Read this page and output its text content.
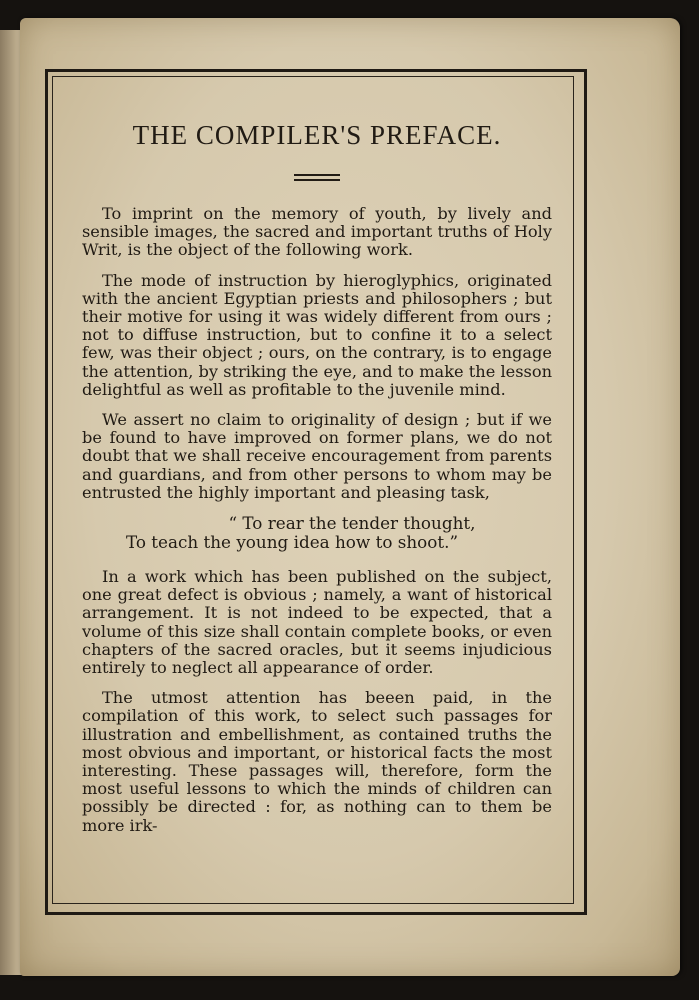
THE COMPILER'S PREFACE.

To imprint on the memory of youth, by lively and sensible images, the sacred and important truths of Holy Writ, is the object of the following work.

The mode of instruction by hieroglyphics, originated with the ancient Egyptian priests and philosophers ; but their motive for using it was widely different from ours ; not to diffuse instruction, but to confine it to a select few, was their object ; ours, on the contrary, is to engage the attention, by striking the eye, and to make the lesson delightful as well as profitable to the juvenile mind.

We assert no claim to originality of design ; but if we be found to have improved on former plans, we do not doubt that we shall receive encouragement from parents and guardians, and from other persons to whom may be entrusted the highly important and pleasing task,

“ To rear the tender thought,
To teach the young idea how to shoot.”

In a work which has been published on the subject, one great defect is obvious ; namely, a want of historical arrangement. It is not indeed to be expected, that a volume of this size shall contain complete books, or even chapters of the sacred oracles, but it seems injudicious entirely to neglect all appearance of order.

The utmost attention has beeen paid, in the compilation of this work, to select such passages for illustration and embellishment, as contained truths the most obvious and important, or historical facts the most interesting. These passages will, therefore, form the most useful lessons to which the minds of children can possibly be directed : for, as nothing can to them be more irk-
